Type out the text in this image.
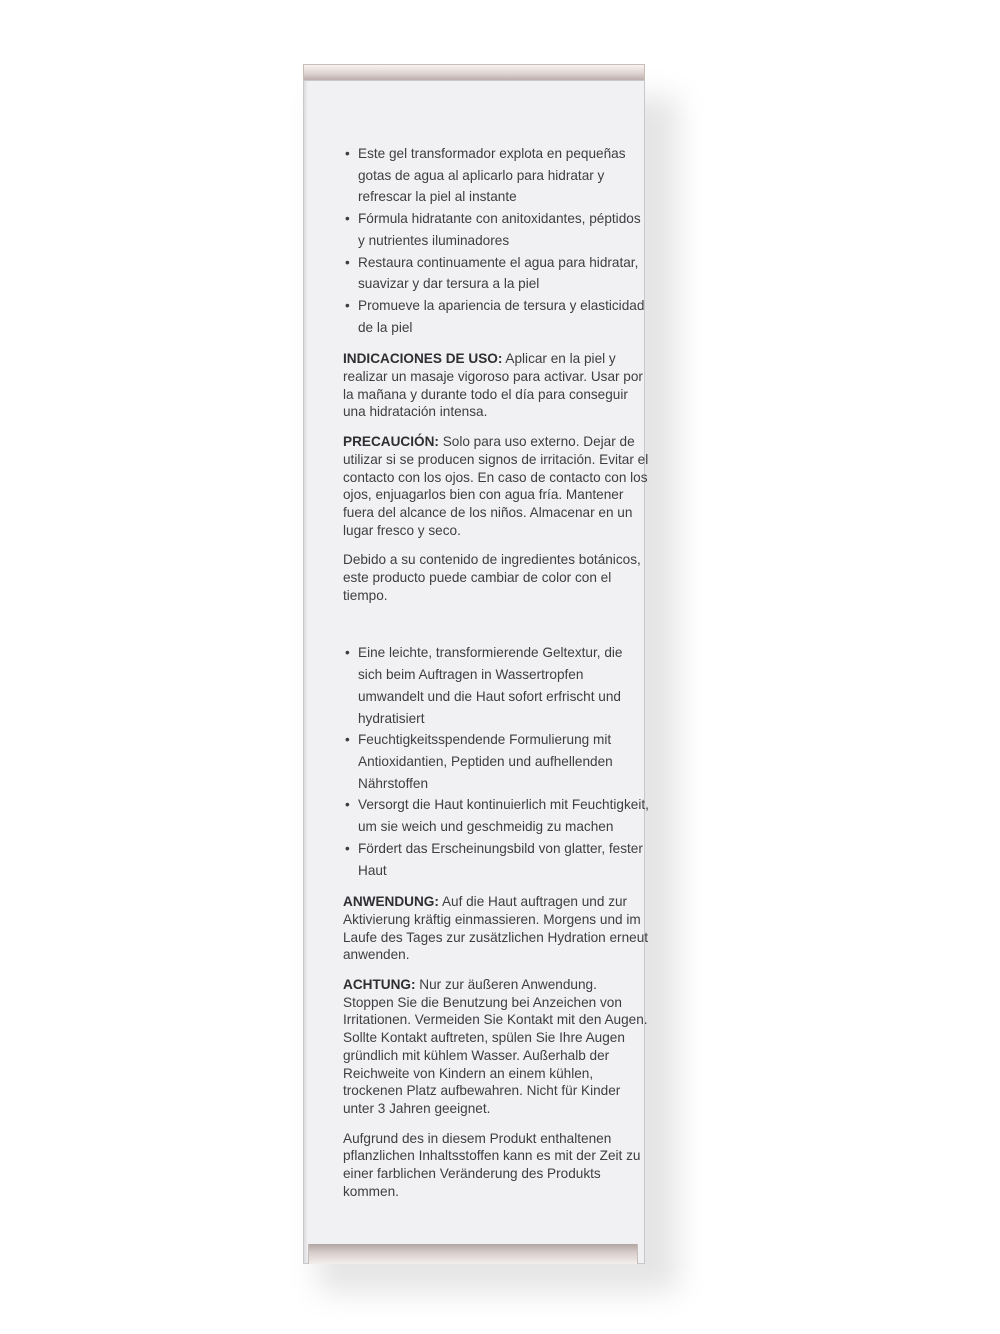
• Este gel transformador explota en pequeñas gotas de agua al aplicarlo para hidratar y refrescar la piel al instante
• Fórmula hidratante con anitoxidantes, péptidos y nutrientes iluminadores
• Restaura continuamente el agua para hidratar, suavizar y dar tersura a la piel
• Promueve la apariencia de tersura y elasticidad de la piel

INDICACIONES DE USO: Aplicar en la piel y realizar un masaje vigoroso para activar. Usar por la mañana y durante todo el día para conseguir una hidratación intensa.

PRECAUCIÓN: Solo para uso externo. Dejar de utilizar si se producen signos de irritación. Evitar el contacto con los ojos. En caso de contacto con los ojos, enjuagarlos bien con agua fría. Mantener fuera del alcance de los niños. Almacenar en un lugar fresco y seco.

Debido a su contenido de ingredientes botánicos, este producto puede cambiar de color con el tiempo.

• Eine leichte, transformierende Geltextur, die sich beim Auftragen in Wassertropfen umwandelt und die Haut sofort erfrischt und hydratisiert
• Feuchtigkeitsspendende Formulierung mit Antioxidantien, Peptiden und aufhellenden Nährstoffen
• Versorgt die Haut kontinuierlich mit Feuchtigkeit, um sie weich und geschmeidig zu machen
• Fördert das Erscheinungsbild von glatter, fester Haut

ANWENDUNG: Auf die Haut auftragen und zur Aktivierung kräftig einmassieren. Morgens und im Laufe des Tages zur zusätzlichen Hydration erneut anwenden.

ACHTUNG: Nur zur äußeren Anwendung. Stoppen Sie die Benutzung bei Anzeichen von Irritationen. Vermeiden Sie Kontakt mit den Augen. Sollte Kontakt auftreten, spülen Sie Ihre Augen gründlich mit kühlem Wasser. Außerhalb der Reichweite von Kindern an einem kühlen, trockenen Platz aufbewahren. Nicht für Kinder unter 3 Jahren geeignet.

Aufgrund des in diesem Produkt enthaltenen pflanzlichen Inhaltsstoffen kann es mit der Zeit zu einer farblichen Veränderung des Produkts kommen.
